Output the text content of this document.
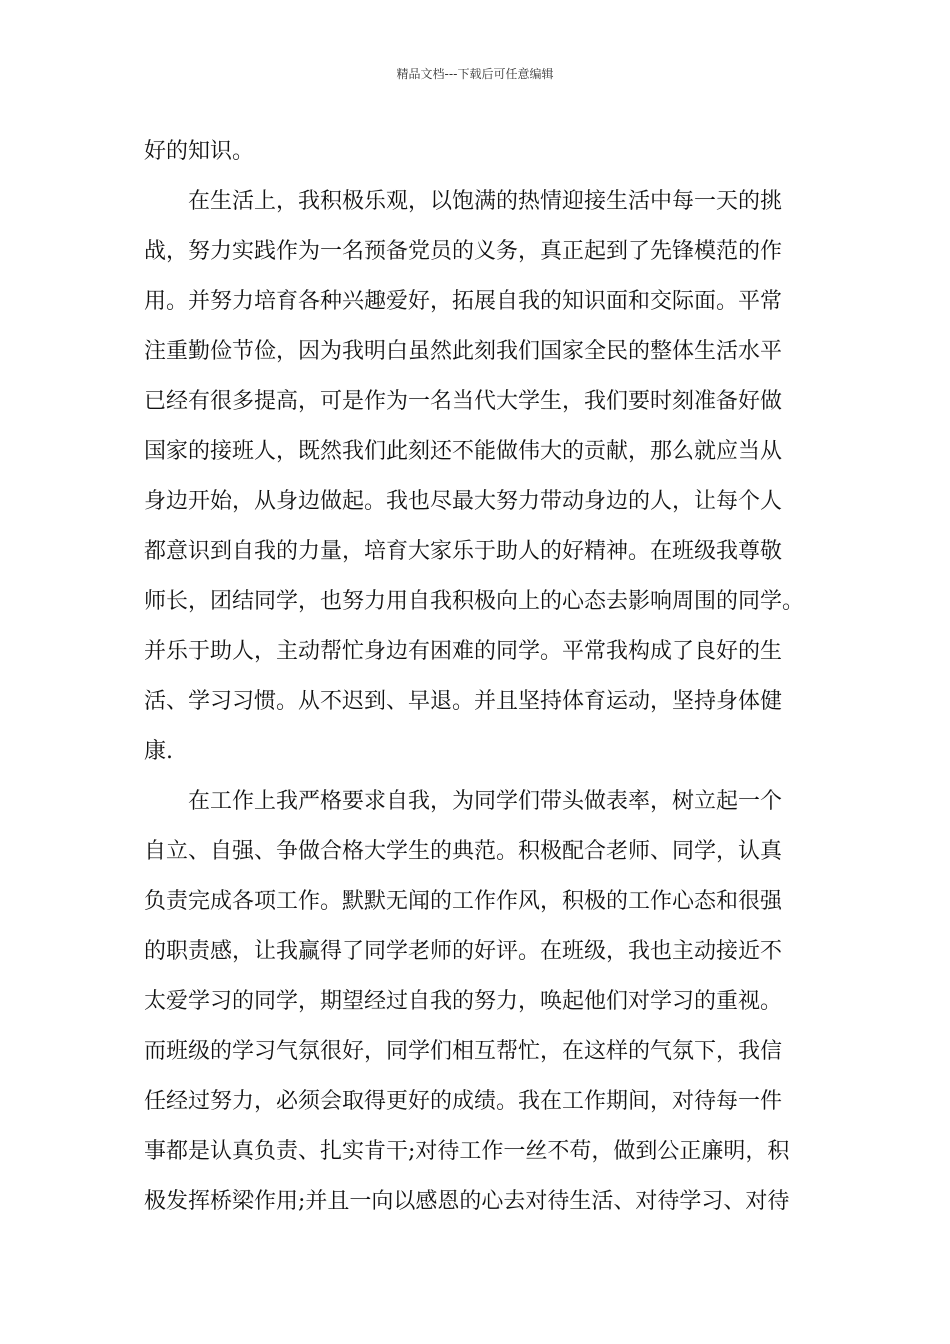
精品文档---下载后可任意编辑
好的知识。
在生活上，我积极乐观，以饱满的热情迎接生活中每一天的挑
战，努力实践作为一名预备党员的义务，真正起到了先锋模范的作
用。并努力培育各种兴趣爱好，拓展自我的知识面和交际面。平常
注重勤俭节俭，因为我明白虽然此刻我们国家全民的整体生活水平
已经有很多提高，可是作为一名当代大学生，我们要时刻准备好做
国家的接班人，既然我们此刻还不能做伟大的贡献，那么就应当从
身边开始，从身边做起。我也尽最大努力带动身边的人，让每个人
都意识到自我的力量，培育大家乐于助人的好精神。在班级我尊敬
师长，团结同学，也努力用自我积极向上的心态去影响周围的同学。
并乐于助人，主动帮忙身边有困难的同学。平常我构成了良好的生
活、学习习惯。从不迟到、早退。并且坚持体育运动，坚持身体健
康.
在工作上我严格要求自我，为同学们带头做表率，树立起一个
自立、自强、争做合格大学生的典范。积极配合老师、同学，认真
负责完成各项工作。默默无闻的工作作风，积极的工作心态和很强
的职责感，让我赢得了同学老师的好评。在班级，我也主动接近不
太爱学习的同学，期望经过自我的努力，唤起他们对学习的重视。
而班级的学习气氛很好，同学们相互帮忙，在这样的气氛下，我信
任经过努力，必须会取得更好的成绩。我在工作期间，对待每一件
事都是认真负责、扎实肯干;对待工作一丝不苟，做到公正廉明，积
极发挥桥梁作用;并且一向以感恩的心去对待生活、对待学习、对待
